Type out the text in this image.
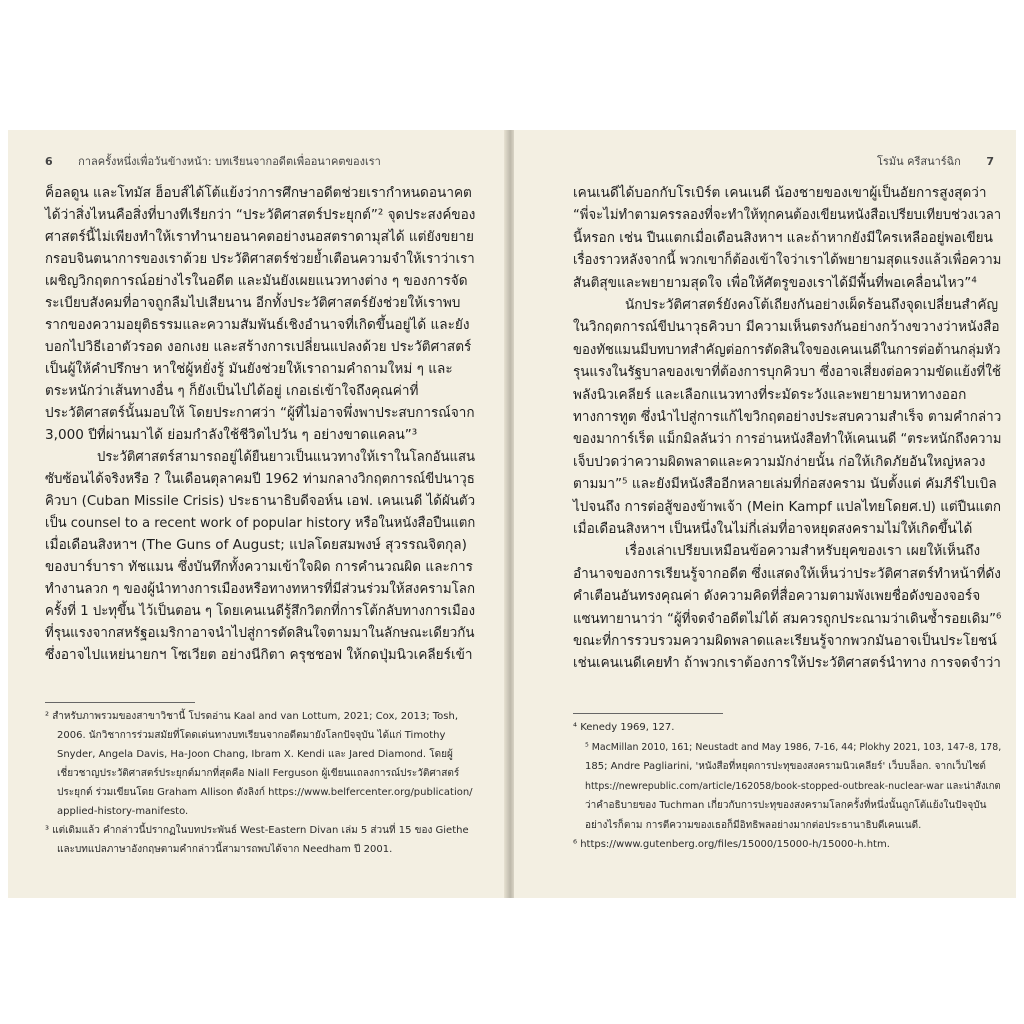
6 กาลครั้งหนึ่งเพื่อวันข้างหน้า: บทเรียนจากอดีตเพื่ออนาคตของเรา
ค็อลดูน และโทมัส ฮ็อบส์ได้โต้แย้งว่าการศึกษาอดีตช่วยเรากำหนดอนาคต
ได้ว่าสิ่งไหนคือสิ่งที่บางทีเรียกว่า “ประวัติศาสตร์ประยุกต์”² จุดประสงค์ของ
ศาสตร์นี้ไม่เพียงทำให้เราทำนายอนาคตอย่างนอสตราดามุสได้ แต่ยังขยาย
กรอบจินตนาการของเราด้วย ประวัติศาสตร์ช่วยย้ำเตือนความจำให้เราว่าเรา
เผชิญวิกฤตการณ์อย่างไรในอดีต และมันยังเผยแนวทางต่าง ๆ ของการจัด
ระเบียบสังคมที่อาจถูกลืมไปเสียนาน อีกทั้งประวัติศาสตร์ยังช่วยให้เราพบ
รากของความอยุติธรรมและความสัมพันธ์เชิงอำนาจที่เกิดขึ้นอยู่ได้ และยัง
บอกไปวิธีเอาตัวรอด งอกเงย และสร้างการเปลี่ยนแปลงด้วย ประวัติศาสตร์
เป็นผู้ให้คำปรึกษา หาใช่ผู้หยั่งรู้ มันยังช่วยให้เราถามคำถามใหม่ ๆ และ
ตระหนักว่าเส้นทางอื่น ๆ ก็ยังเป็นไปได้อยู่ เกอเธ่เข้าใจถึงคุณค่าที่
ประวัติศาสตร์นั้นมอบให้ โดยประกาศว่า “ผู้ที่ไม่อาจพึ่งพาประสบการณ์จาก
3,000 ปีที่ผ่านมาได้ ย่อมกำลังใช้ชีวิตไปวัน ๆ อย่างขาดแคลน”³
ประวัติศาสตร์สามารถอยู่ได้ยืนยาวเป็นแนวทางให้เราในโลกอันแสน
ซับซ้อนได้จริงหรือ ? ในเดือนตุลาคมปี 1962 ท่ามกลางวิกฤตการณ์ขีปนาวุธ
คิวบา (Cuban Missile Crisis) ประธานาธิบดีจอห์น เอฟ. เคนเนดี ได้ผันตัว
เป็น counsel to a recent work of popular history หรือในหนังสือปืนแตก
เมื่อเดือนสิงหาฯ (The Guns of August; แปลโดยสมพงษ์ สุวรรณจิตกุล)
ของบาร์บารา ทัชแมน ซึ่งบันทึกทั้งความเข้าใจผิด การคำนวณผิด และการ
ทำงานลวก ๆ ของผู้นำทางการเมืองหรือทางทหารที่มีส่วนร่วมให้สงครามโลก
ครั้งที่ 1 ปะทุขึ้น ไว้เป็นตอน ๆ โดยเคนเนดีรู้สึกวิตกที่การโต้กลับทางการเมือง
ที่รุนแรงจากสหรัฐอเมริกาอาจนำไปสู่การตัดสินใจตามมาในลักษณะเดียวกัน
ซึ่งอาจไปแหย่นายกฯ โซเวียต อย่างนีกิตา ครุชชอฟ ให้กดปุ่มนิวเคลียร์เข้า
² สำหรับภาพรวมของสาขาวิชานี้ โปรดอ่าน Kaal and van Lottum, 2021; Cox, 2013; Tosh,
2006. นักวิชาการร่วมสมัยที่โดดเด่นทางบทเรียนจากอดีตมายังโลกปัจจุบัน ได้แก่ Timothy
Snyder, Angela Davis, Ha-Joon Chang, Ibram X. Kendi และ Jared Diamond. โดยผู้
เชี่ยวชาญประวัติศาสตร์ประยุกต์มากที่สุดคือ Niall Ferguson ผู้เขียนแถลงการณ์ประวัติศาสตร์
ประยุกต์ ร่วมเขียนโดย Graham Allison ดังลิงก์ https://www.belfercenter.org/publication/
applied-history-manifesto.
³ แต่เดิมแล้ว คำกล่าวนี้ปรากฏในบทประพันธ์ West-Eastern Divan เล่ม 5 ส่วนที่ 15 ของ Giethe
และบทแปลภาษาอังกฤษตามคำกล่าวนี้สามารถพบได้จาก Needham ปี 2001.
โรมัน ครีสนาร์ฉิก 7
เคนเนดีได้บอกกับโรเบิร์ต เคนเนดี น้องชายของเขาผู้เป็นอัยการสูงสุดว่า
“พี่จะไม่ทำตามครรลองที่จะทำให้ทุกคนต้องเขียนหนังสือเปรียบเทียบช่วงเวลา
นี้หรอก เช่น ปืนแตกเมื่อเดือนสิงหาฯ และถ้าหากยังมีใครเหลืออยู่พอเขียน
เรื่องราวหลังจากนี้ พวกเขาก็ต้องเข้าใจว่าเราได้พยายามสุดแรงแล้วเพื่อความ
สันติสุขและพยายามสุดใจ เพื่อให้ศัตรูของเราได้มีพื้นที่พอเคลื่อนไหว”⁴
นักประวัติศาสตร์ยังคงโต้เถียงกันอย่างเผ็ดร้อนถึงจุดเปลี่ยนสำคัญ
ในวิกฤตการณ์ขีปนาวุธคิวบา มีความเห็นตรงกันอย่างกว้างขวางว่าหนังสือ
ของทัชแมนมีบทบาทสำคัญต่อการตัดสินใจของเคนเนดีในการต่อต้านกลุ่มหัว
รุนแรงในรัฐบาลของเขาที่ต้องการบุกคิวบา ซึ่งอาจเสี่ยงต่อความขัดแย้งที่ใช้
พลังนิวเคลียร์ และเลือกแนวทางที่ระมัดระวังและพยายามหาทางออก
ทางการทูต ซึ่งนำไปสู่การแก้ไขวิกฤตอย่างประสบความสำเร็จ ตามคำกล่าว
ของมาการ์เร็ต แม็กมิลลันว่า การอ่านหนังสือทำให้เคนเนดี “ตระหนักถึงความ
เจ็บปวดว่าความผิดพลาดและความมักง่ายนั้น ก่อให้เกิดภัยอันใหญ่หลวง
ตามมา”⁵ และยังมีหนังสืออีกหลายเล่มที่ก่อสงคราม นับตั้งแต่ คัมภีร์ไบเบิล
ไปจนถึง การต่อสู้ของข้าพเจ้า (Mein Kampf แปลไทยโดยศ.ป) แต่ปืนแตก
เมื่อเดือนสิงหาฯ เป็นหนึ่งในไม่กี่เล่มที่อาจหยุดสงครามไม่ให้เกิดขึ้นได้
เรื่องเล่าเปรียบเหมือนข้อความสำหรับยุคของเรา เผยให้เห็นถึง
อำนาจของการเรียนรู้จากอดีต ซึ่งแสดงให้เห็นว่าประวัติศาสตร์ทำหน้าที่ดัง
คำเตือนอันทรงคุณค่า ดังความคิดที่สื่อความตามพังเพยชื่อดังของจอร์จ
แซนทายานาว่า “ผู้ที่จดจำอดีตไม่ได้ สมควรถูกประณามว่าเดินซ้ำรอยเดิม”⁶
ขณะที่การรวบรวมความผิดพลาดและเรียนรู้จากพวกมันอาจเป็นประโยชน์
เช่นเคนเนดีเคยทำ ถ้าพวกเราต้องการให้ประวัติศาสตร์นำทาง การจดจำว่า
⁴ Kenedy 1969, 127.
⁵ MacMillan 2010, 161; Neustadt and May 1986, 7-16, 44; Plokhy 2021, 103, 147-8, 178,
185; Andre Pagliarini, 'หนังสือที่หยุดการปะทุของสงครามนิวเคลียร์' เว็บบล็อก. จากเว็บไซต์
https://newrepublic.com/article/162058/book-stopped-outbreak-nuclear-war และน่าสังเกต
ว่าคำอธิบายของ Tuchman เกี่ยวกับการปะทุของสงครามโลกครั้งที่หนึ่งนั้นถูกโต้แย้งในปัจจุบัน
อย่างไรก็ตาม การตีความของเธอก็มีอิทธิพลอย่างมากต่อประธานาธิบดีเคนเนดี.
⁶ https://www.gutenberg.org/files/15000/15000-h/15000-h.htm.
